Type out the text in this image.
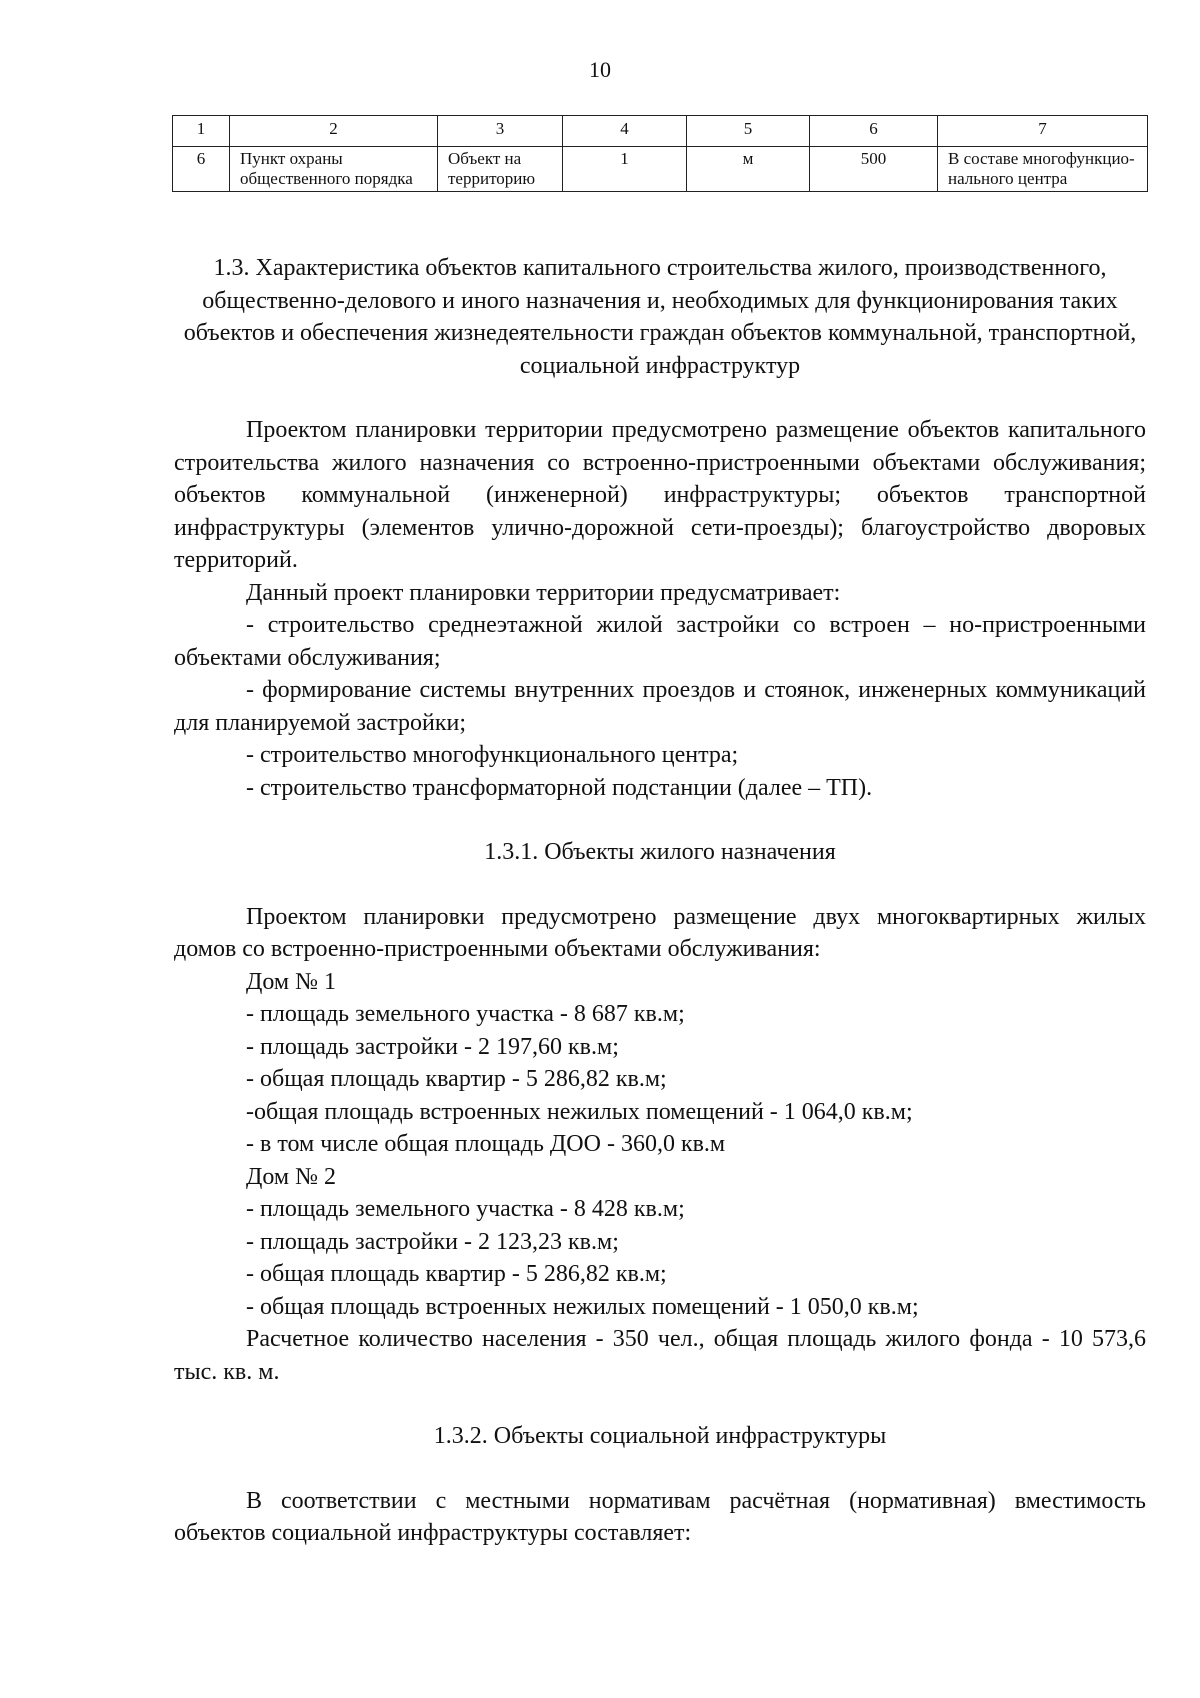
10
1	2	3	4	5	6	7
6	Пункт охраны общественного порядка	Объект на территорию	1	м	500	В составе многофункцио-нального центра

1.3. Характеристика объектов капитального строительства жилого, производственного, общественно-делового и иного назначения и, необходимых для функционирования таких объектов и обеспечения жизнедеятельности граждан объектов коммунальной, транспортной, социальной инфраструктур

Проектом планировки территории предусмотрено размещение объектов капитального строительства жилого назначения со встроенно-пристроенными объектами обслуживания; объектов коммунальной (инженерной) инфраструктуры; объектов транспортной инфраструктуры (элементов улично-дорожной сети-проезды); благоустройство дворовых территорий.

Данный проект планировки территории предусматривает:

- строительство среднеэтажной жилой застройки со встроен – но-пристроенными объектами обслуживания;

- формирование системы внутренних проездов и стоянок, инженерных коммуникаций для планируемой застройки;

- строительство многофункционального центра;

- строительство трансформаторной подстанции (далее – ТП).

1.3.1. Объекты жилого назначения

Проектом планировки предусмотрено размещение двух многоквартирных жилых домов со встроенно-пристроенными объектами обслуживания:

Дом № 1

- площадь земельного участка - 8 687 кв.м;

- площадь застройки - 2 197,60 кв.м;

- общая площадь квартир - 5 286,82 кв.м;

-общая площадь встроенных нежилых помещений - 1 064,0 кв.м;

- в том числе общая площадь ДОО - 360,0 кв.м

Дом № 2

- площадь земельного участка - 8 428 кв.м;

- площадь застройки - 2 123,23 кв.м;

- общая площадь квартир - 5 286,82 кв.м;

- общая площадь встроенных нежилых помещений - 1 050,0 кв.м;

Расчетное количество населения - 350 чел., общая площадь жилого фонда - 10 573,6 тыс. кв. м.

1.3.2. Объекты социальной инфраструктуры

В соответствии с местными нормативам расчётная (нормативная) вместимость объектов социальной инфраструктуры составляет:
